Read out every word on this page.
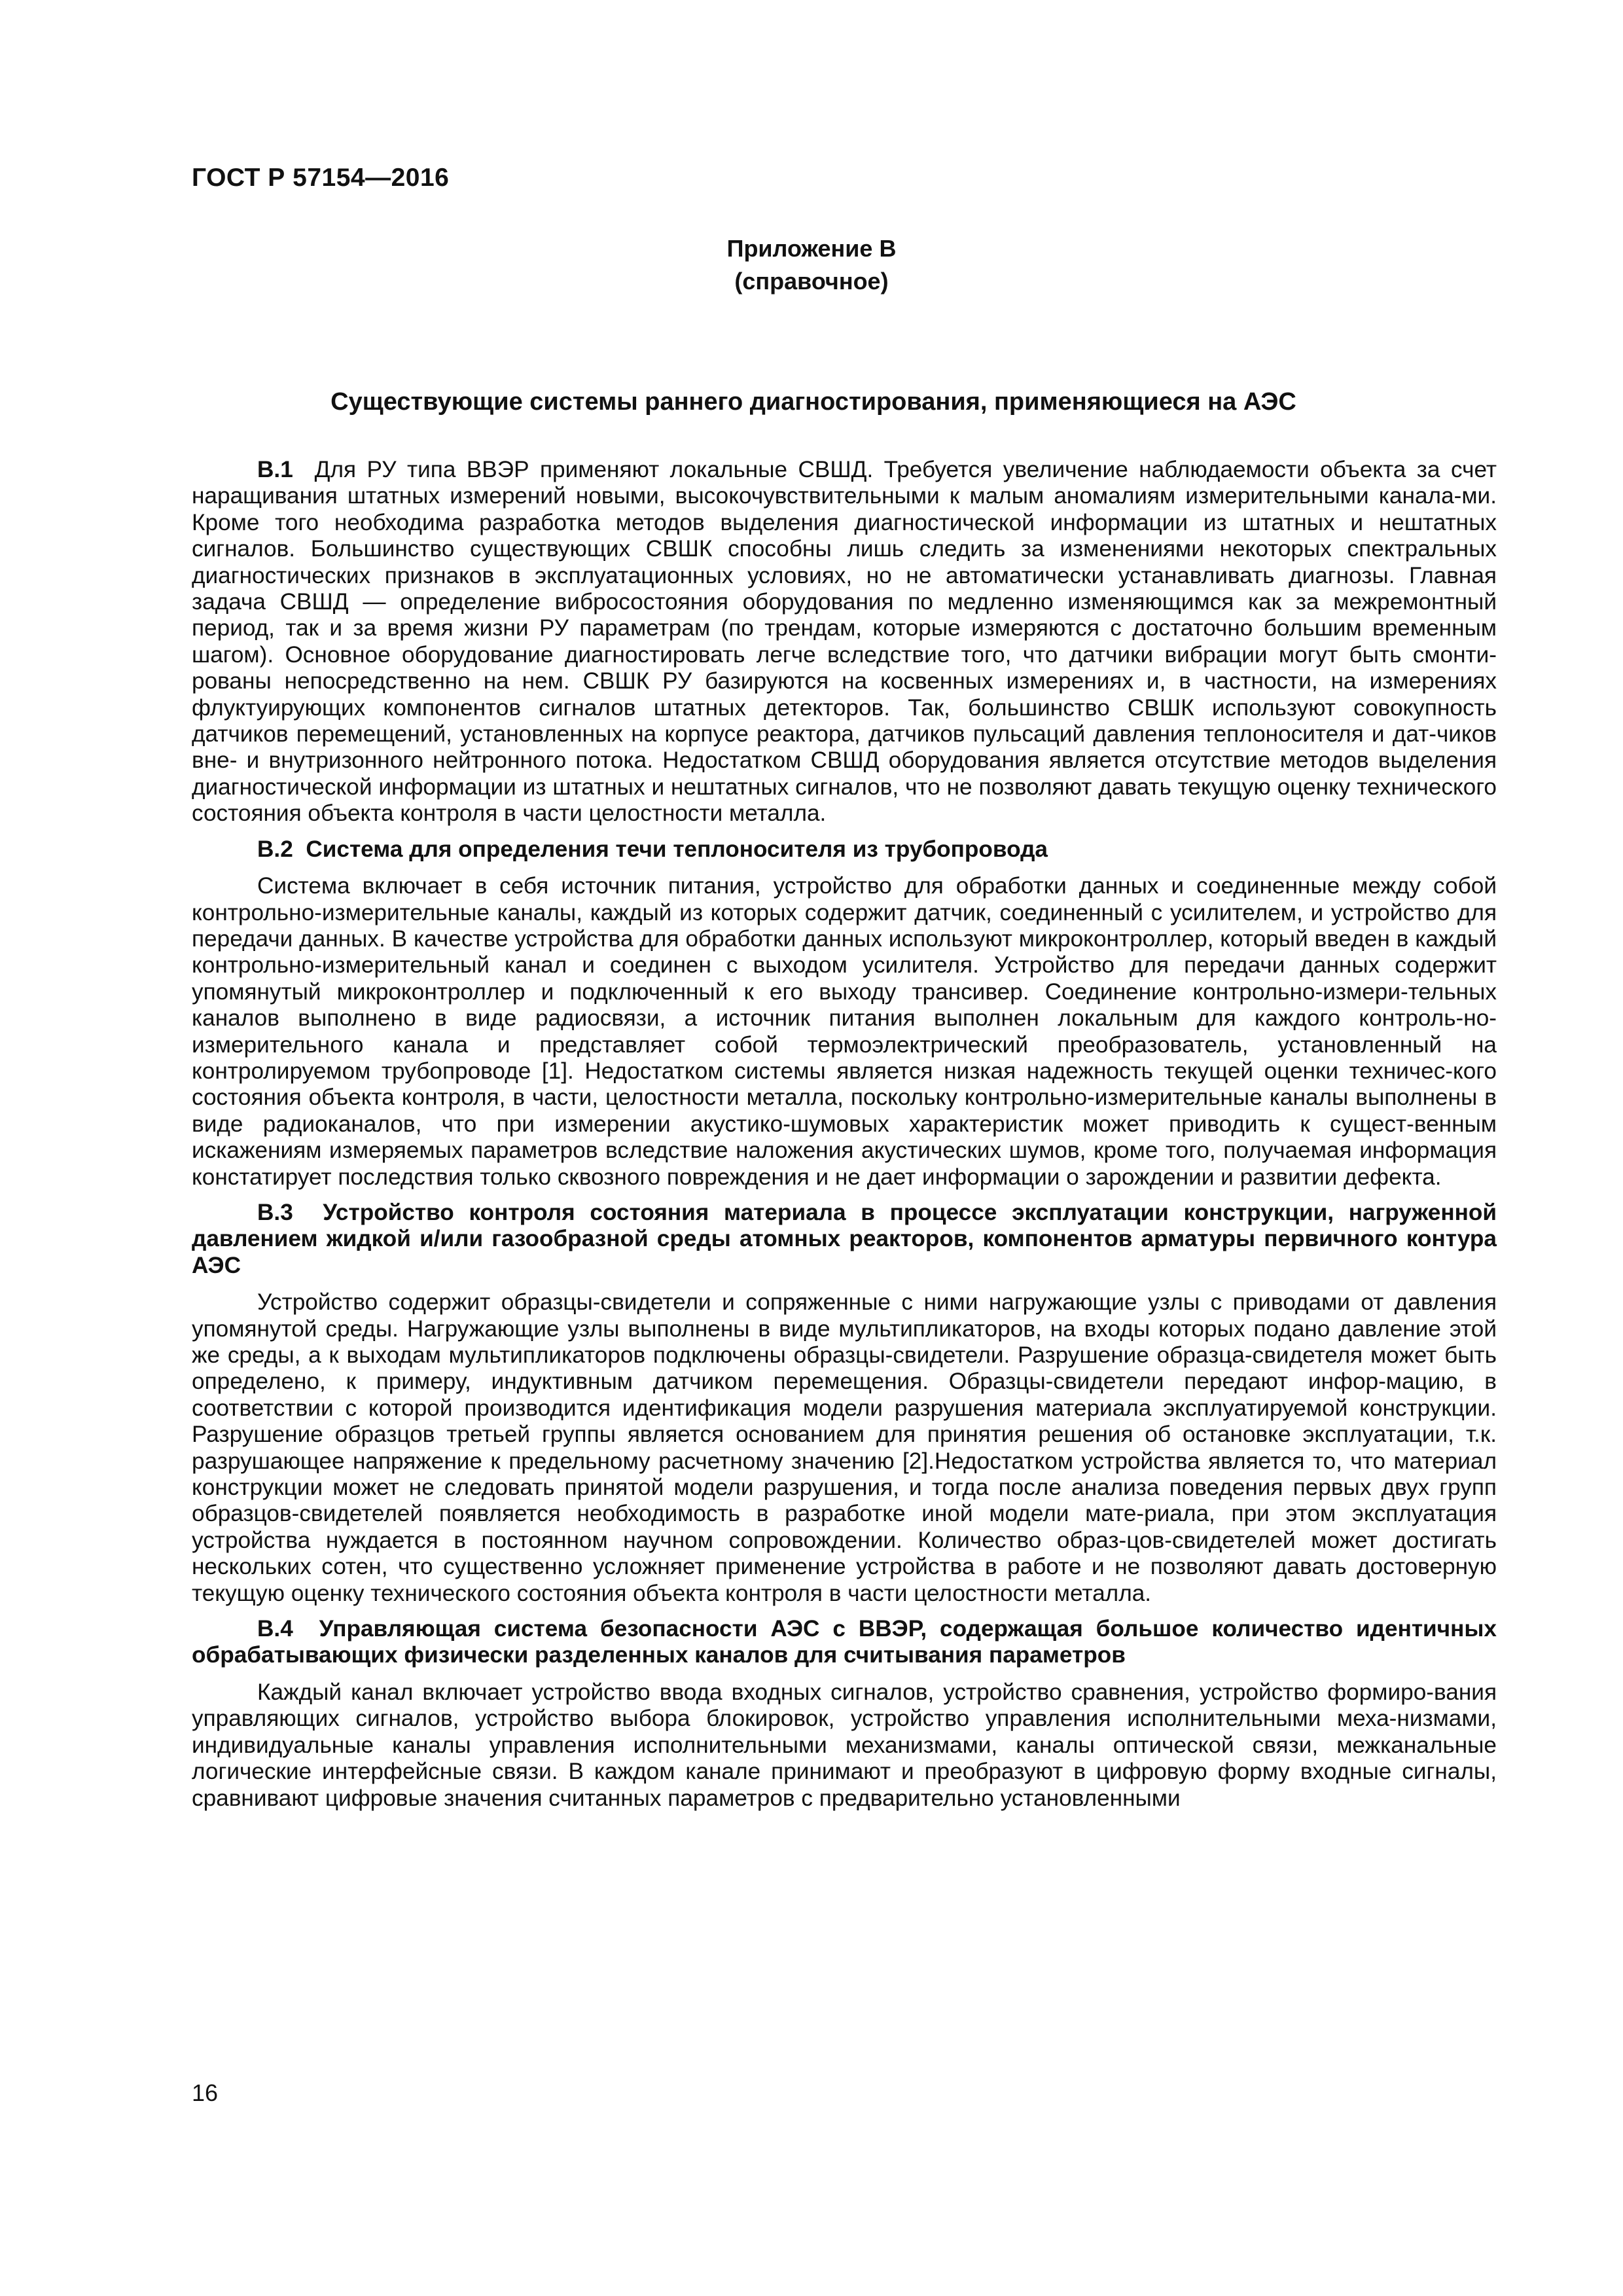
ГОСТ Р 57154—2016
Приложение В
(справочное)
Существующие системы раннего диагностирования, применяющиеся на АЭС

В.1 Для РУ типа ВВЭР применяют локальные СВШД. Требуется увеличение наблюдаемости объекта за счет наращивания штатных измерений новыми, высокочувствительными к малым аномалиям измерительными канала-ми. Кроме того необходима разработка методов выделения диагностической информации из штатных и нештатных сигналов. Большинство существующих СВШК способны лишь следить за изменениями некоторых спектральных диагностических признаков в эксплуатационных условиях, но не автоматически устанавливать диагнозы. Главная задача СВШД — определение вибросостояния оборудования по медленно изменяющимся как за межремонтный период, так и за время жизни РУ параметрам (по трендам, которые измеряются с достаточно большим временным шагом). Основное оборудование диагностировать легче вследствие того, что датчики вибрации могут быть смонти-рованы непосредственно на нем. СВШК РУ базируются на косвенных измерениях и, в частности, на измерениях флуктуирующих компонентов сигналов штатных детекторов. Так, большинство СВШК используют совокупность датчиков перемещений, установленных на корпусе реактора, датчиков пульсаций давления теплоносителя и дат-чиков вне- и внутризонного нейтронного потока. Недостатком СВШД оборудования является отсутствие методов выделения диагностической информации из штатных и нештатных сигналов, что не позволяют давать текущую оценку технического состояния объекта контроля в части целостности металла.

В.2 Система для определения течи теплоносителя из трубопровода

Система включает в себя источник питания, устройство для обработки данных и соединенные между собой контрольно-измерительные каналы, каждый из которых содержит датчик, соединенный с усилителем, и устройство для передачи данных. В качестве устройства для обработки данных используют микроконтроллер, который введен в каждый контрольно-измерительный канал и соединен с выходом усилителя. Устройство для передачи данных содержит упомянутый микроконтроллер и подключенный к его выходу трансивер. Соединение контрольно-измери-тельных каналов выполнено в виде радиосвязи, а источник питания выполнен локальным для каждого контроль-но-измерительного канала и представляет собой термоэлектрический преобразователь, установленный на контролируемом трубопроводе [1]. Недостатком системы является низкая надежность текущей оценки техничес-кого состояния объекта контроля, в части, целостности металла, поскольку контрольно-измерительные каналы выполнены в виде радиоканалов, что при измерении акустико-шумовых характеристик может приводить к сущест-венным искажениям измеряемых параметров вследствие наложения акустических шумов, кроме того, получаемая информация констатирует последствия только сквозного повреждения и не дает информации о зарождении и развитии дефекта.

В.3 Устройство контроля состояния материала в процессе эксплуатации конструкции, нагруженной давлением жидкой и/или газообразной среды атомных реакторов, компонентов арматуры первичного контура АЭС

Устройство содержит образцы-свидетели и сопряженные с ними нагружающие узлы с приводами от давления упомянутой среды. Нагружающие узлы выполнены в виде мультипликаторов, на входы которых подано давление этой же среды, а к выходам мультипликаторов подключены образцы-свидетели. Разрушение образца-свидетеля может быть определено, к примеру, индуктивным датчиком перемещения. Образцы-свидетели передают инфор-мацию, в соответствии с которой производится идентификация модели разрушения материала эксплуатируемой конструкции. Разрушение образцов третьей группы является основанием для принятия решения об остановке эксплуатации, т.к. разрушающее напряжение к предельному расчетному значению [2].Недостатком устройства является то, что материал конструкции может не следовать принятой модели разрушения, и тогда после анализа поведения первых двух групп образцов-свидетелей появляется необходимость в разработке иной модели мате-риала, при этом эксплуатация устройства нуждается в постоянном научном сопровождении. Количество образ-цов-свидетелей может достигать нескольких сотен, что существенно усложняет применение устройства в работе и не позволяют давать достоверную текущую оценку технического состояния объекта контроля в части целостности металла.

В.4 Управляющая система безопасности АЭС с ВВЭР, содержащая большое количество идентичных обрабатывающих физически разделенных каналов для считывания параметров

Каждый канал включает устройство ввода входных сигналов, устройство сравнения, устройство формиро-вания управляющих сигналов, устройство выбора блокировок, устройство управления исполнительными меха-низмами, индивидуальные каналы управления исполнительными механизмами, каналы оптической связи, межканальные логические интерфейсные связи. В каждом канале принимают и преобразуют в цифровую форму входные сигналы, сравнивают цифровые значения считанных параметров с предварительно установленными

16
